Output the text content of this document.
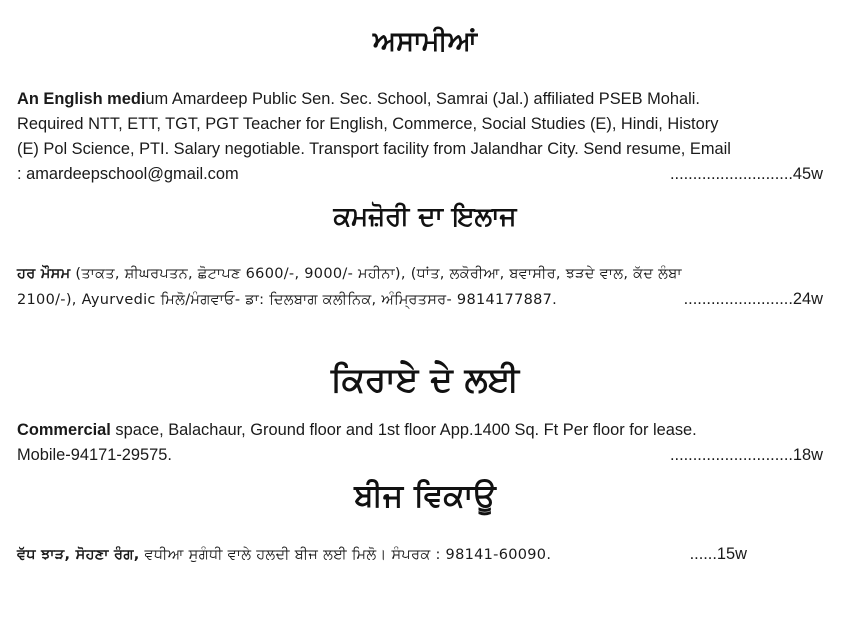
ਅਸਾਮੀਆਂ
An English medium Amardeep Public Sen. Sec. School, Samrai (Jal.) affiliated PSEB Mohali.
Required NTT, ETT, TGT, PGT Teacher for English, Commerce, Social Studies (E), Hindi, History
(E) Pol Science, PTI. Salary negotiable. Transport facility from Jalandhar City. Send resume, Email
: amardeepschool@gmail.com	...........................45w
ਕਮਜ਼ੋਰੀ ਦਾ ਇਲਾਜ
ਹਰ ਮੌਸਮ (ਤਾਕਤ, ਸ਼ੀਘਰਪਤਨ, ਛੋਟਾਪਣ 6600/-, 9000/- ਮਹੀਨਾ), (ਧਾਂਤ, ਲਕੋਰੀਆ, ਬਵਾਸੀਰ, ਝੜਦੇ ਵਾਲ, ਕੱਦ ਲੰਬਾ
2100/-), Ayurvedic ਮਿਲੋ/ਮੰਗਵਾਓ- ਡਾ: ਦਿਲਬਾਗ ਕਲੀਨਿਕ, ਅੰਮ੍ਰਿਤਸਰ- 9814177887.	........................24w
ਕਿਰਾਏ ਦੇ ਲਈ
Commercial space, Balachaur, Ground floor and 1st floor App.1400 Sq. Ft Per floor for lease.
Mobile-94171-29575.	...........................18w
ਬੀਜ ਵਿਕਾਊ
ਵੱਧ ਝਾੜ, ਸੋਹਣਾ ਰੰਗ, ਵਧੀਆ ਸੁਗੰਧੀ ਵਾਲੇ ਹਲਦੀ ਬੀਜ ਲਈ ਮਿਲੋ। ਸੰਪਰਕ : 98141-60090.	......15w
